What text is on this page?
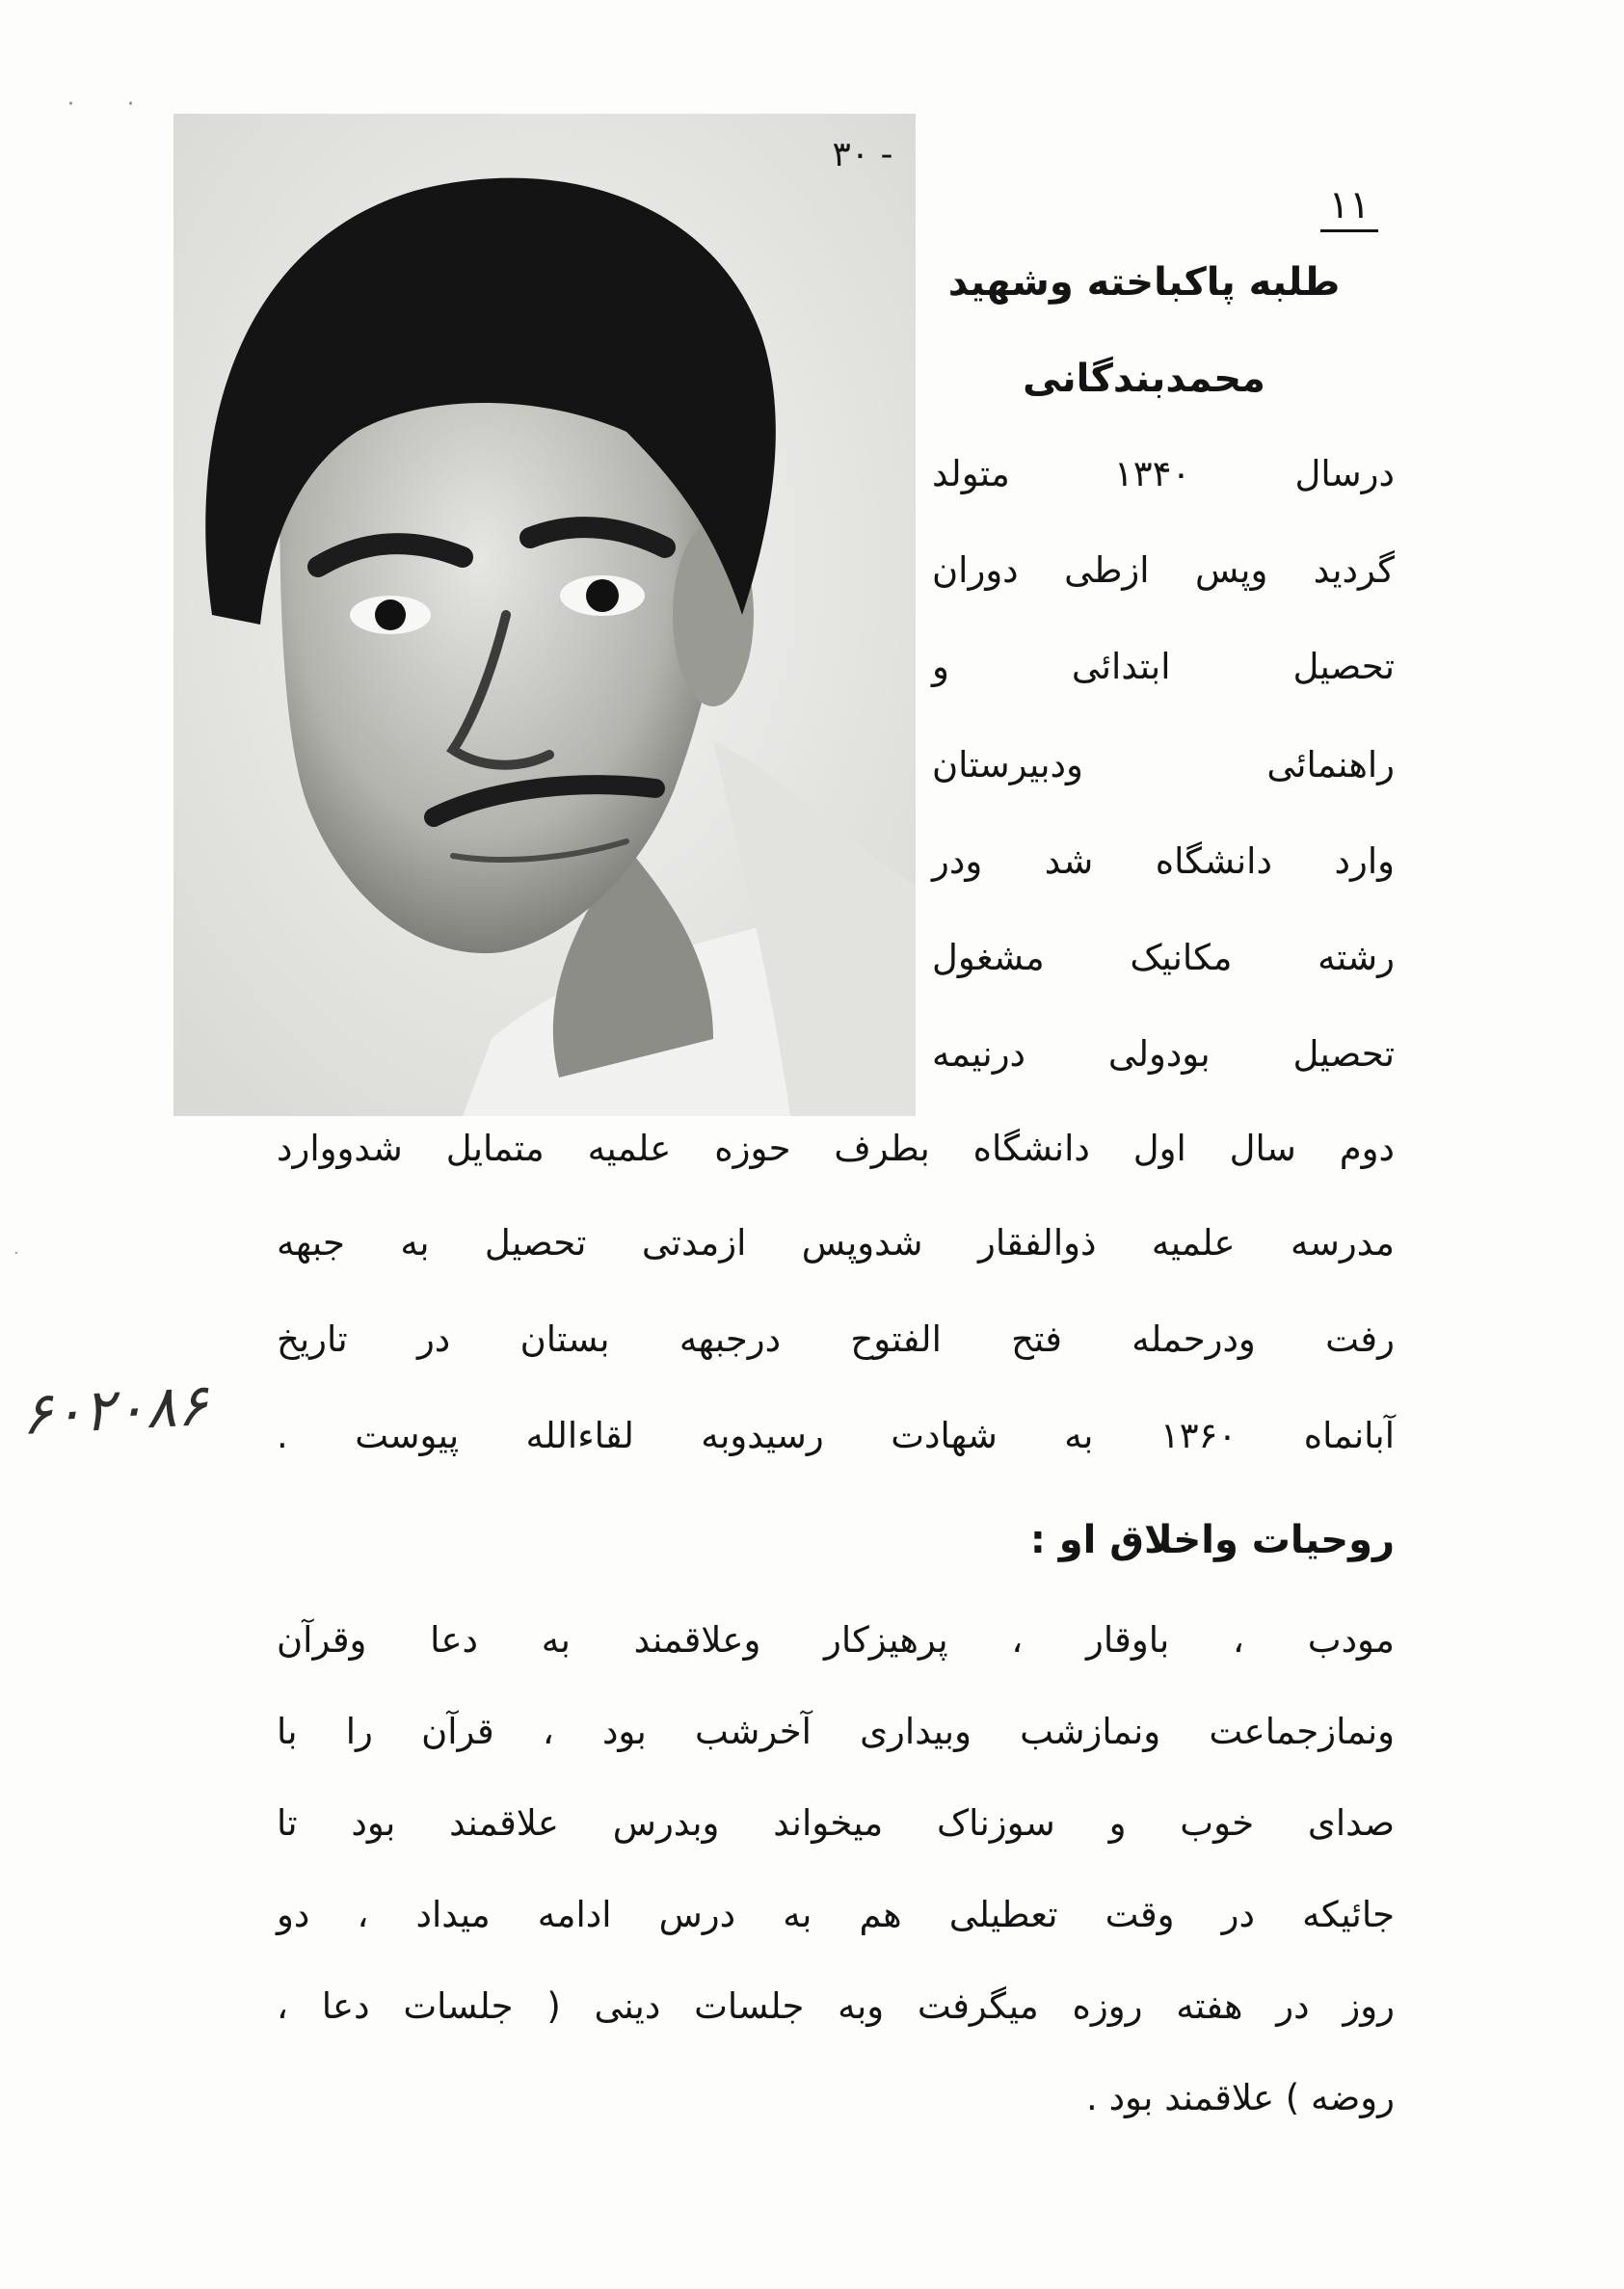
· ·
·
- ۳۰
۱۱
طلبه پاکباخته وشهید
محمدبندگانی
درسال ۱۳۴۰ متولد
گردید وپس ازطی دوران
تحصیل ابتدائی و
راهنمائی ودبیرستان
وارد دانشگاه شد ودر
رشته مکانیک مشغول
تحصیل بودولی درنیمه
دوم سال اول دانشگاه بطرف حوزه علمیه متمایل شدووارد
مدرسه علمیه ذوالفقار شدوپس ازمدتی تحصیل به جبهه
رفت ودرحمله فتح الفتوح درجبهه بستان در تاریخ
آبانماه ۱۳۶۰ به شهادت رسیدوبه لقاءالله پیوست .
۶۰۲۰۸۶
روحیات واخلاق او :
مودب ، باوقار ، پرهیزکار وعلاقمند به دعا وقرآن
ونمازجماعت ونمازشب وبیداری آخرشب بود ، قرآن را با
صدای خوب و سوزناک میخواند وبدرس علاقمند بود تا
جائیکه در وقت تعطیلی هم به درس ادامه میداد ، دو
روز در هفته روزه میگرفت وبه جلسات دینی ( جلسات دعا ،
روضه ) علاقمند بود .
